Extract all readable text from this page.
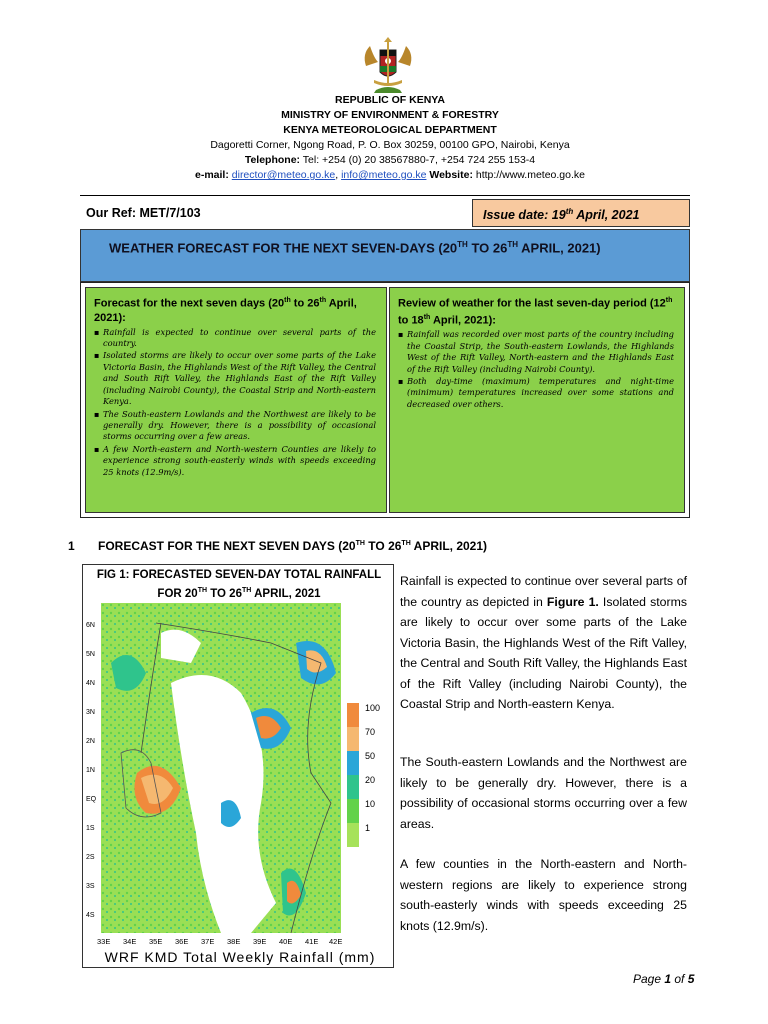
REPUBLIC OF KENYA
MINISTRY OF ENVIRONMENT & FORESTRY
KENYA METEOROLOGICAL DEPARTMENT
Dagoretti Corner, Ngong Road, P. O. Box 30259, 00100 GPO, Nairobi, Kenya
Telephone: Tel: +254 (0) 20 38567880-7, +254 724 255 153-4
e-mail: director@meteo.go.ke, info@meteo.go.ke Website: http://www.meteo.go.ke
Our Ref: MET/7/103	Issue date: 19th April, 2021
WEATHER FORECAST FOR THE NEXT SEVEN-DAYS (20TH TO 26TH APRIL, 2021)
Forecast for the next seven days (20th to 26th April, 2021):
▪ Rainfall is expected to continue over several parts of the country.
▪ Isolated storms are likely to occur over some parts of the Lake Victoria Basin, the Highlands West of the Rift Valley, the Central and South Rift Valley, the Highlands East of the Rift Valley (including Nairobi County), the Coastal Strip and North-eastern Kenya.
▪ The South-eastern Lowlands and the Northwest are likely to be generally dry. However, there is a possibility of occasional storms occurring over a few areas.
▪ A few North-eastern and North-western Counties are likely to experience strong south-easterly winds with speeds exceeding 25 knots (12.9m/s).
Review of weather for the last seven-day period (12th to 18th April, 2021):
▪ Rainfall was recorded over most parts of the country including the Coastal Strip, the South-eastern Lowlands, the Highlands West of the Rift Valley, North-eastern and the Highlands East of the Rift Valley (including Nairobi County).
▪ Both day-time (maximum) temperatures and night-time (minimum) temperatures increased over some stations and decreased over others.
1 FORECAST FOR THE NEXT SEVEN DAYS (20TH TO 26TH APRIL, 2021)
FIG 1: FORECASTED SEVEN-DAY TOTAL RAINFALL
FOR 20TH TO 26TH APRIL, 2021
6N
5N
4N
3N
2N
1N
EQ
1S
2S
3S
4S
33E 34E 35E 36E 37E 38E 39E 40E 41E 42E
100
70
50
20
10
1
WRF KMD Total Weekly Rainfall (mm)
Rainfall is expected to continue over several parts of the country as depicted in Figure 1. Isolated storms are likely to occur over some parts of the Lake Victoria Basin, the Highlands West of the Rift Valley, the Central and South Rift Valley, the Highlands East of the Rift Valley (including Nairobi County), the Coastal Strip and North-eastern Kenya.
The South-eastern Lowlands and the Northwest are likely to be generally dry. However, there is a possibility of occasional storms occurring over a few areas.
A few counties in the North-eastern and North-western regions are likely to experience strong south-easterly winds with speeds exceeding 25 knots (12.9m/s).
Page 1 of 5
